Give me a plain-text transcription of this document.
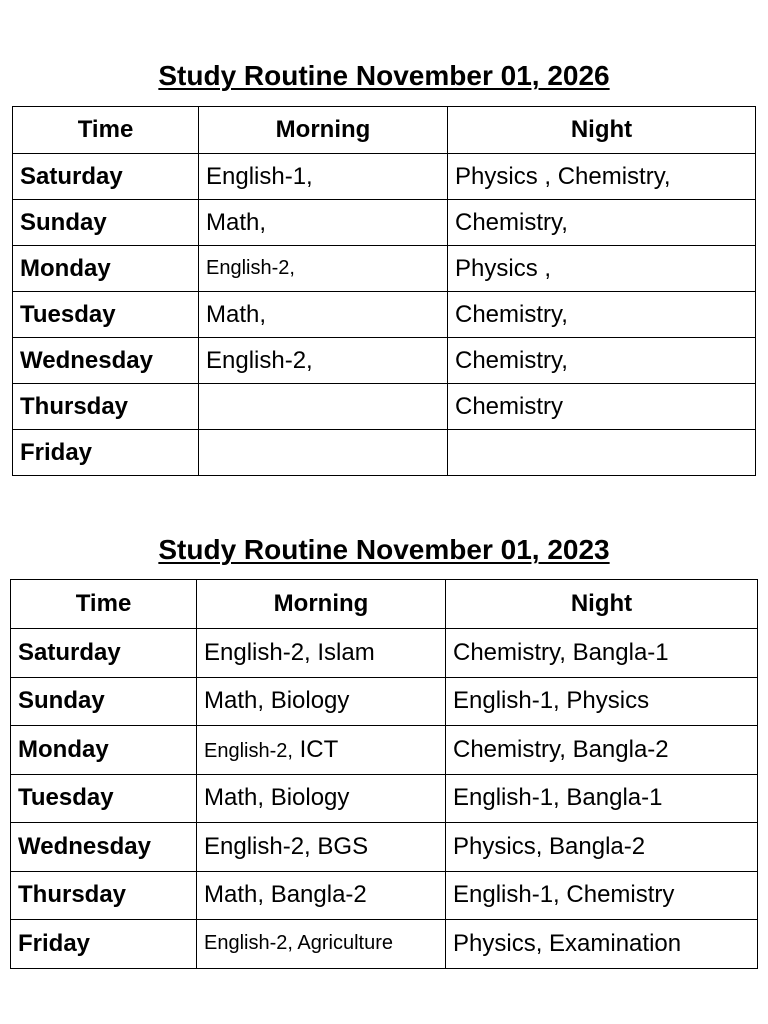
Study Routine November 01, 2026
Time	Morning	Night
Saturday	English-1,	Physics , Chemistry,
Sunday	Math,	Chemistry,
Monday	English-2,	Physics ,
Tuesday	Math,	Chemistry,
Wednesday	English-2,	Chemistry,
Thursday		Chemistry
Friday		
Study Routine November 01, 2023
Time	Morning	Night
Saturday	English-2, Islam	Chemistry, Bangla-1
Sunday	Math, Biology	English-1, Physics
Monday	English-2, ICT	Chemistry, Bangla-2
Tuesday	Math, Biology	English-1, Bangla-1
Wednesday	English-2, BGS	Physics, Bangla-2
Thursday	Math, Bangla-2	English-1, Chemistry
Friday	English-2, Agriculture	Physics, Examination
